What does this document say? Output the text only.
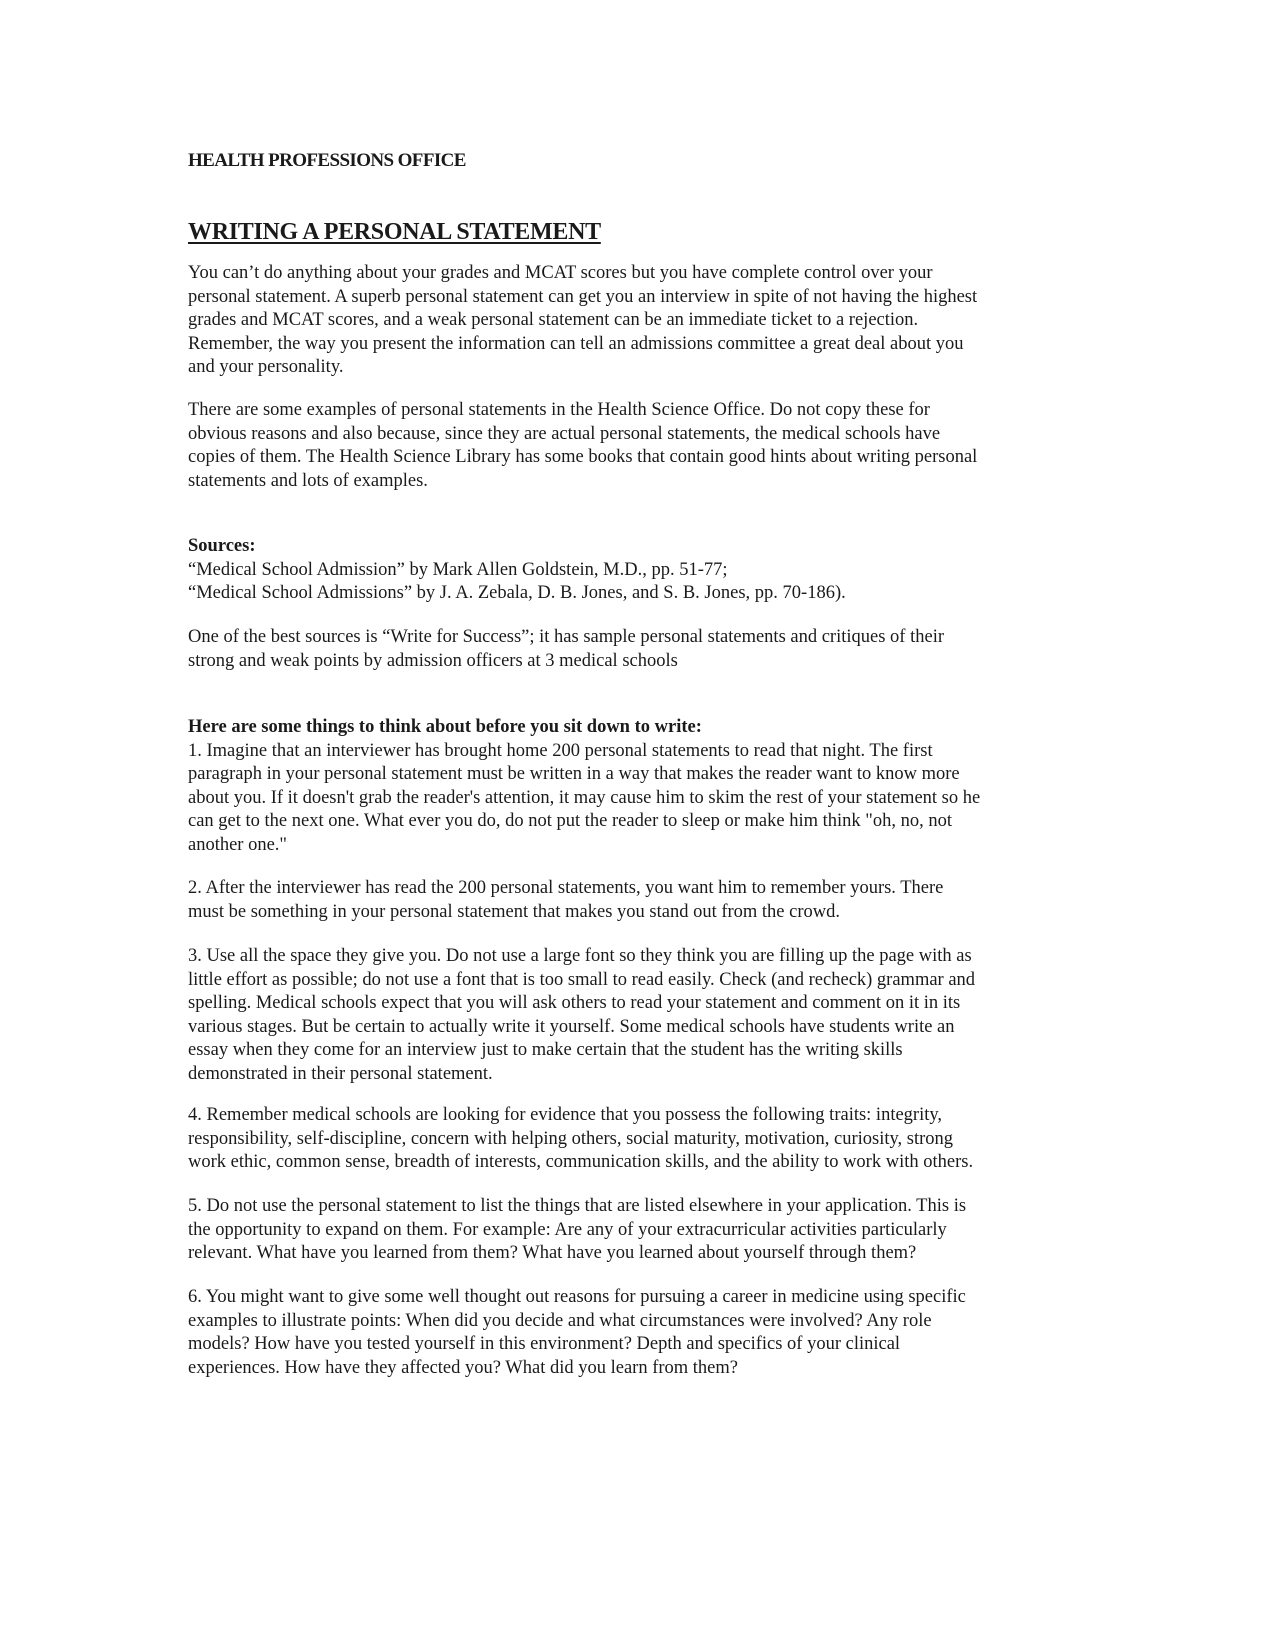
HEALTH PROFESSIONS OFFICE
WRITING A PERSONAL STATEMENT
You can’t do anything about your grades and MCAT scores but you have complete control over your
personal statement. A superb personal statement can get you an interview in spite of not having the highest
grades and MCAT scores, and a weak personal statement can be an immediate ticket to a rejection.
Remember, the way you present the information can tell an admissions committee a great deal about you
and your personality.
There are some examples of personal statements in the Health Science Office. Do not copy these for
obvious reasons and also because, since they are actual personal statements, the medical schools have
copies of them. The Health Science Library has some books that contain good hints about writing personal
statements and lots of examples.
Sources:
“Medical School Admission” by Mark Allen Goldstein, M.D., pp. 51-77;
“Medical School Admissions” by J. A. Zebala, D. B. Jones, and S. B. Jones, pp. 70-186).
One of the best sources is “Write for Success”; it has sample personal statements and critiques of their
strong and weak points by admission officers at 3 medical schools
Here are some things to think about before you sit down to write:
1. Imagine that an interviewer has brought home 200 personal statements to read that night. The first
paragraph in your personal statement must be written in a way that makes the reader want to know more
about you. If it doesn't grab the reader's attention, it may cause him to skim the rest of your statement so he
can get to the next one. What ever you do, do not put the reader to sleep or make him think "oh, no, not
another one."
2. After the interviewer has read the 200 personal statements, you want him to remember yours. There
must be something in your personal statement that makes you stand out from the crowd.
3. Use all the space they give you. Do not use a large font so they think you are filling up the page with as
little effort as possible; do not use a font that is too small to read easily. Check (and recheck) grammar and
spelling. Medical schools expect that you will ask others to read your statement and comment on it in its
various stages. But be certain to actually write it yourself. Some medical schools have students write an
essay when they come for an interview just to make certain that the student has the writing skills
demonstrated in their personal statement.
4. Remember medical schools are looking for evidence that you possess the following traits: integrity,
responsibility, self-discipline, concern with helping others, social maturity, motivation, curiosity, strong
work ethic, common sense, breadth of interests, communication skills, and the ability to work with others.
5. Do not use the personal statement to list the things that are listed elsewhere in your application. This is
the opportunity to expand on them. For example: Are any of your extracurricular activities particularly
relevant. What have you learned from them? What have you learned about yourself through them?
6. You might want to give some well thought out reasons for pursuing a career in medicine using specific
examples to illustrate points: When did you decide and what circumstances were involved? Any role
models? How have you tested yourself in this environment? Depth and specifics of your clinical
experiences. How have they affected you? What did you learn from them?
